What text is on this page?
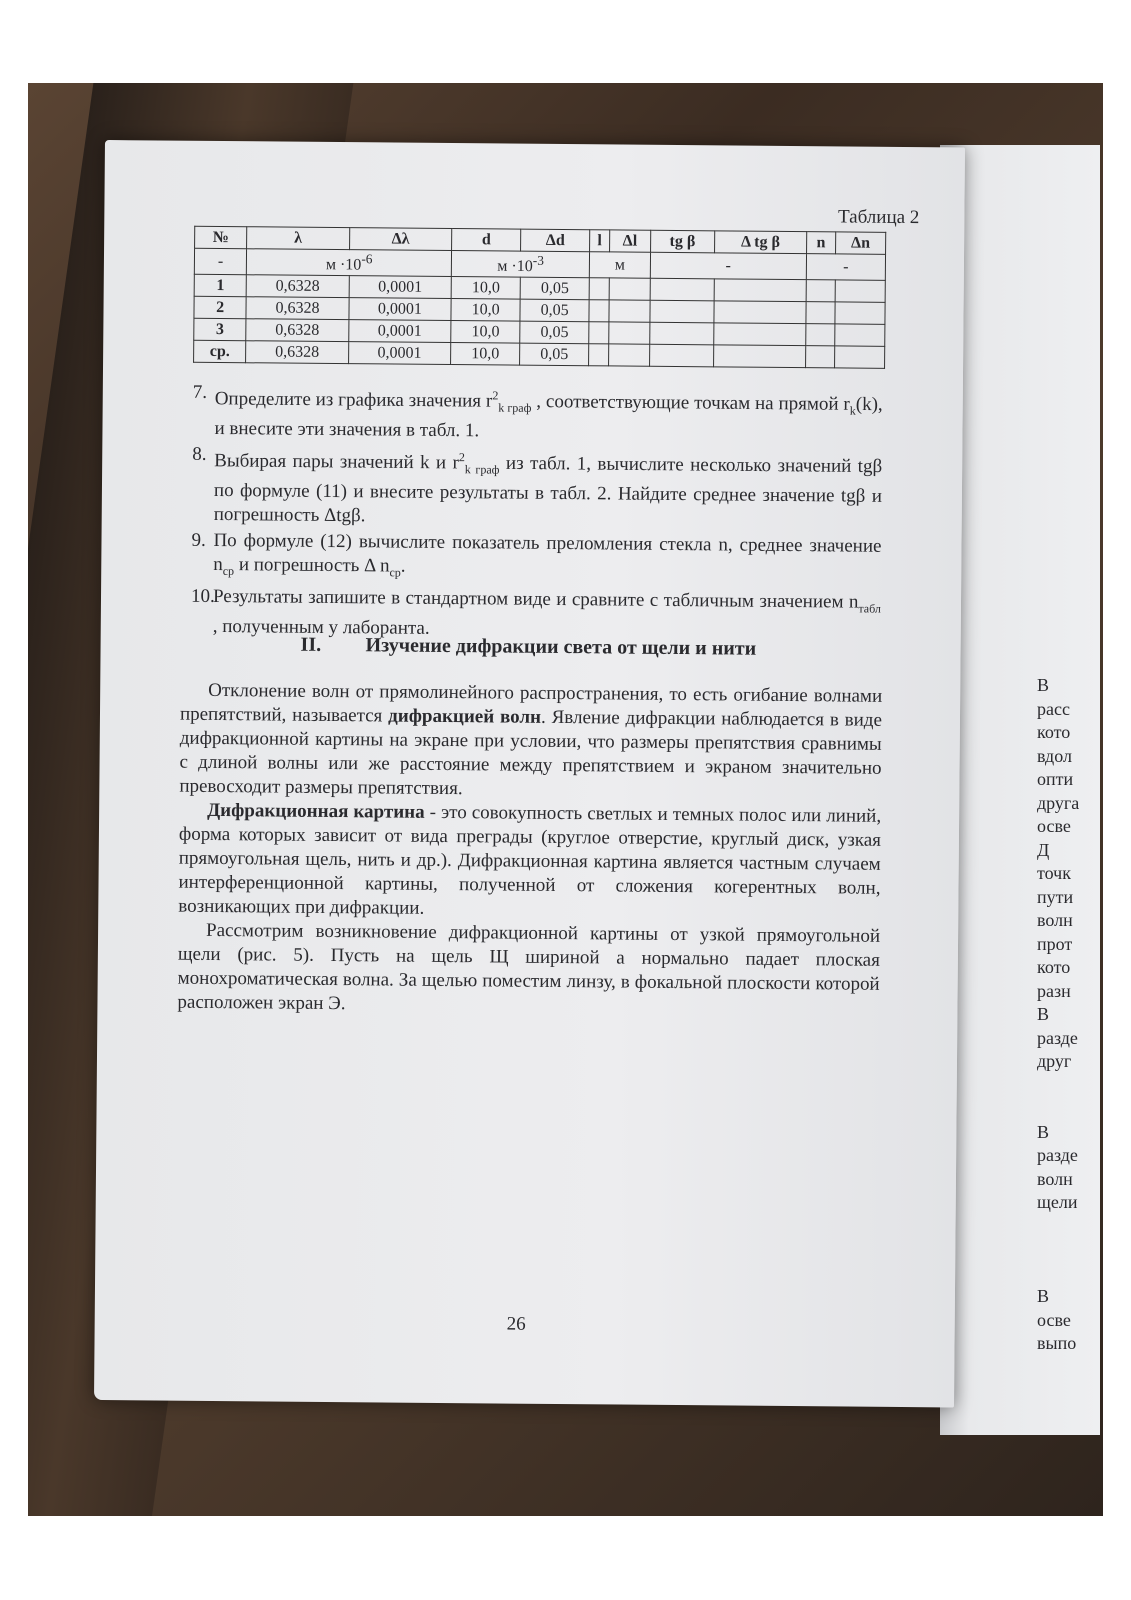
В
расс
кото
вдол
опти
друга
осве
Д
точк
пути
волн
прот
кото
разн
В
разде
друг
В
разде
волн
щели
В
осве
выпо
Таблица 2
№	λ	Δλ	d	Δd	l	Δl	tg β	Δ tg β	n	Δn
-	$м \cdot 10^{-6}$		$м \cdot 10^{-3}$		м		-		-	
1	0,6328	0,0001	10,0	0,05						
2	0,6328	0,0001	10,0	0,05						
3	0,6328	0,0001	10,0	0,05						
ср.	0,6328	0,0001	10,0	0,05						
7. Определите из графика значения $r^2_{k граф}$ , соответствующие точкам на прямой $r_k(k)$, и внесите эти значения в табл. 1.
8. Выбирая пары значений k и $r^2_{k граф}$ из табл. 1, вычислите несколько значений tgβ по формуле (11) и внесите результаты в табл. 2. Найдите среднее значение tgβ и погрешность Δtgβ.
9. По формуле (12) вычислите показатель преломления стекла n, среднее значение $n_{ср}$ и погрешность Δ $n_{ср}$.
10.
Результаты запишите в стандартном виде и сравните с табличным значением $n_{табл}$ , полученным у лаборанта.
II. Изучение дифракции света от щели и нити

Отклонение волн от прямолинейного распространения, то есть огибание волнами препятствий, называется дифракцией волн. Явление дифракции наблюдается в виде дифракционной картины на экране при условии, что размеры препятствия сравнимы с длиной волны или же расстояние между препятствием и экраном значительно превосходит размеры препятствия.

Дифракционная картина - это совокупность светлых и темных полос или линий, форма которых зависит от вида преграды (круглое отверстие, круглый диск, узкая прямоугольная щель, нить и др.). Дифракционная картина является частным случаем интерференционной картины, полученной от сложения когерентных волн, возникающих при дифракции.

Рассмотрим возникновение дифракционной картины от узкой прямоугольной щели (рис. 5). Пусть на щель Щ шириной a нормально падает плоская монохроматическая волна. За щелью поместим линзу, в фокальной плоскости которой расположен экран Э.

26
